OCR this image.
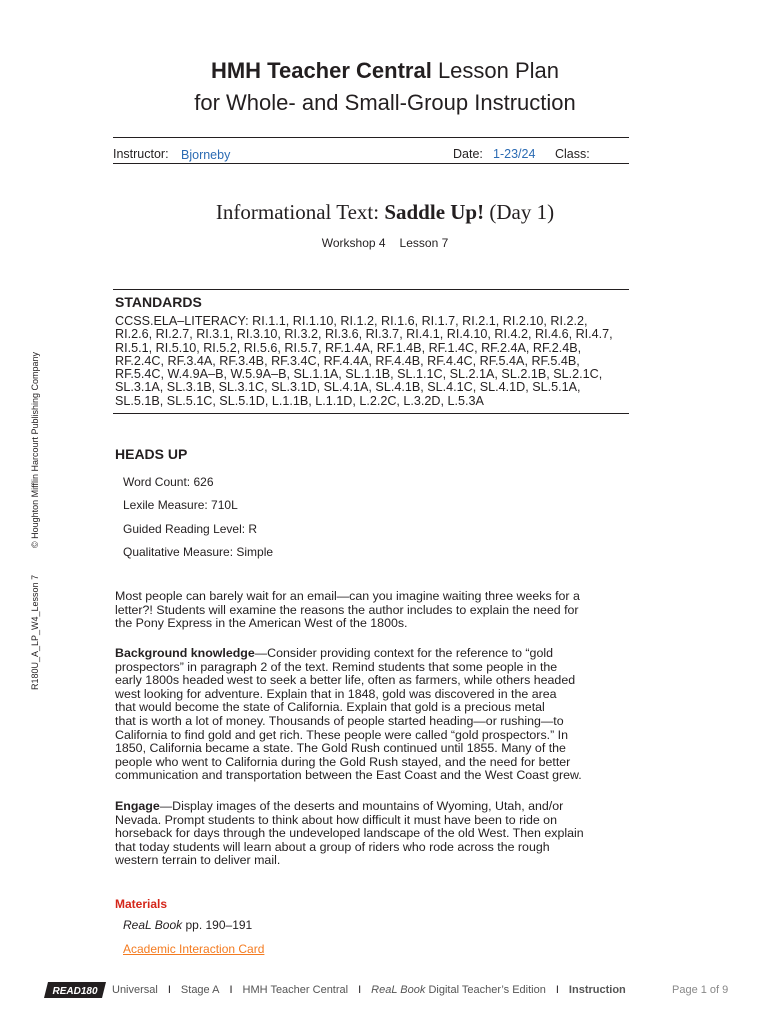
HMH Teacher Central Lesson Plan
for Whole- and Small-Group Instruction
Instructor: Bjorneby	Date: 1-23/24 Class:
Informational Text: Saddle Up! (Day 1)
Workshop 4 Lesson 7
STANDARDS
CCSS.ELA–LITERACY: RI.1.1, RI.1.10, RI.1.2, RI.1.6, RI.1.7, RI.2.1, RI.2.10, RI.2.2,
RI.2.6, RI.2.7, RI.3.1, RI.3.10, RI.3.2, RI.3.6, RI.3.7, RI.4.1, RI.4.10, RI.4.2, RI.4.6, RI.4.7,
RI.5.1, RI.5.10, RI.5.2, RI.5.6, RI.5.7, RF.1.4A, RF.1.4B, RF.1.4C, RF.2.4A, RF.2.4B,
RF.2.4C, RF.3.4A, RF.3.4B, RF.3.4C, RF.4.4A, RF.4.4B, RF.4.4C, RF.5.4A, RF.5.4B,
RF.5.4C, W.4.9A–B, W.5.9A–B, SL.1.1A, SL.1.1B, SL.1.1C, SL.2.1A, SL.2.1B, SL.2.1C,
SL.3.1A, SL.3.1B, SL.3.1C, SL.3.1D, SL.4.1A, SL.4.1B, SL.4.1C, SL.4.1D, SL.5.1A,
SL.5.1B, SL.5.1C, SL.5.1D, L.1.1B, L.1.1D, L.2.2C, L.3.2D, L.5.3A
HEADS UP
Word Count: 626
Lexile Measure: 710L
Guided Reading Level: R
Qualitative Measure: Simple
Most people can barely wait for an email—can you imagine waiting three weeks for a
letter?! Students will examine the reasons the author includes to explain the need for
the Pony Express in the American West of the 1800s.
Background knowledge—Consider providing context for the reference to “gold
prospectors” in paragraph 2 of the text. Remind students that some people in the
early 1800s headed west to seek a better life, often as farmers, while others headed
west looking for adventure. Explain that in 1848, gold was discovered in the area
that would become the state of California. Explain that gold is a precious metal
that is worth a lot of money. Thousands of people started heading—or rushing—to
California to find gold and get rich. These people were called “gold prospectors.” In
1850, California became a state. The Gold Rush continued until 1855. Many of the
people who went to California during the Gold Rush stayed, and the need for better
communication and transportation between the East Coast and the West Coast grew.
Engage—Display images of the deserts and mountains of Wyoming, Utah, and/or
Nevada. Prompt students to think about how difficult it must have been to ride on
horseback for days through the undeveloped landscape of the old West. Then explain
that today students will learn about a group of riders who rode across the rough
western terrain to deliver mail.
Materials
ReaL Book pp. 190–191
Academic Interaction Card
© Houghton Mifflin Harcourt Publishing Company
R180U_A_LP_W4_Lesson 7
READ180 Universal I Stage A I HMH Teacher Central I ReaL Book Digital Teacher’s Edition I Instruction	Page 1 of 9
